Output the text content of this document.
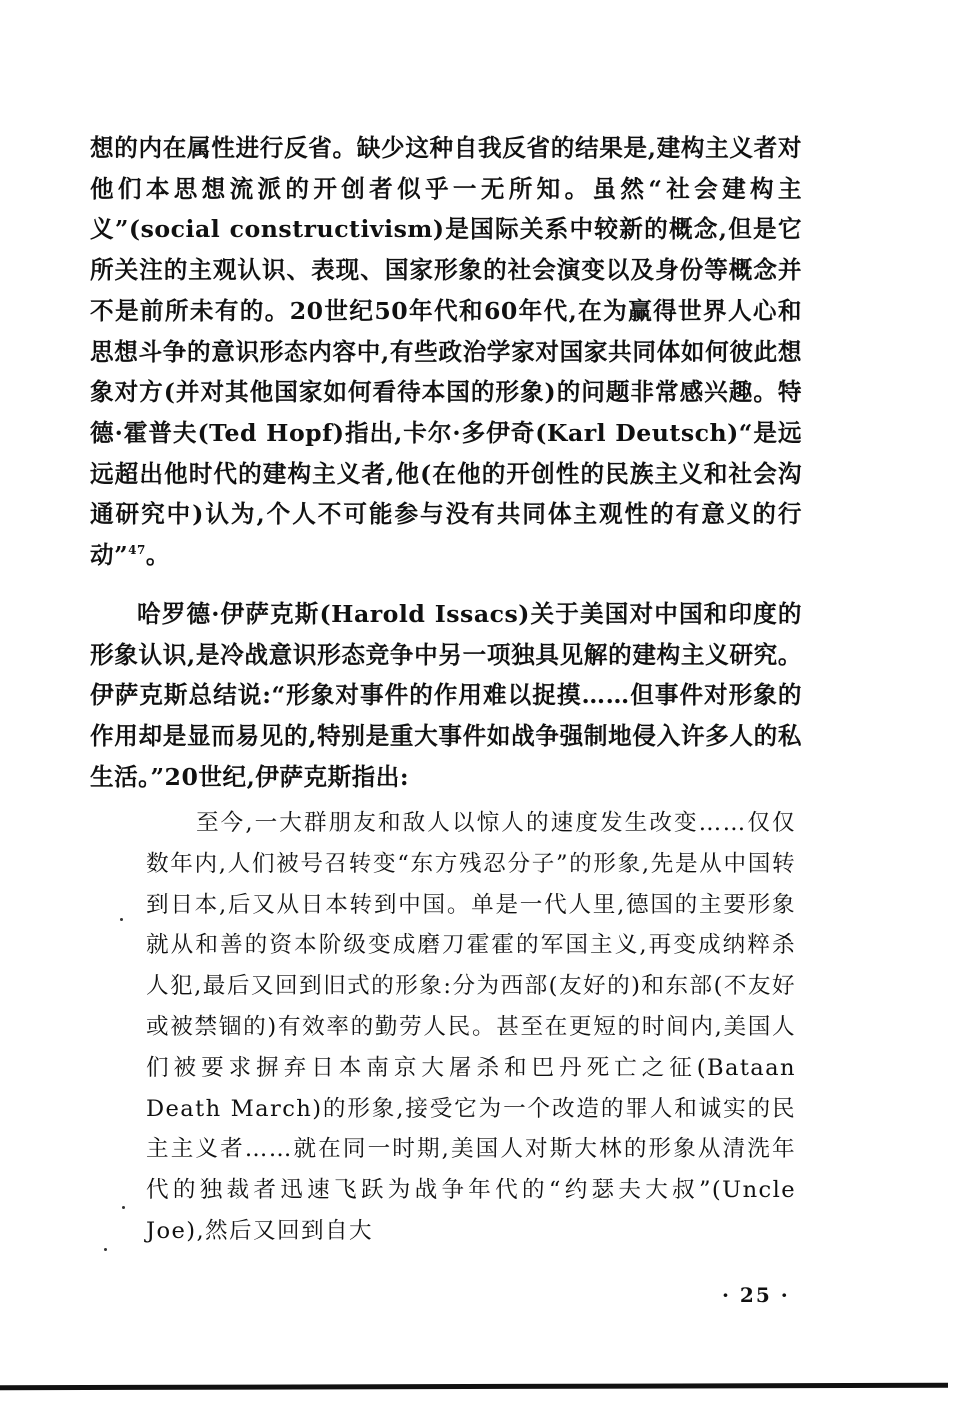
想的内在属性进行反省。缺少这种自我反省的结果是,建构主义者对他们本思想流派的开创者似乎一无所知。虽然“社会建构主义”(social constructivism)是国际关系中较新的概念,但是它所关注的主观认识、表现、国家形象的社会演变以及身份等概念并不是前所未有的。20世纪50年代和60年代,在为赢得世界人心和思想斗争的意识形态内容中,有些政治学家对国家共同体如何彼此想象对方(并对其他国家如何看待本国的形象)的问题非常感兴趣。特德·霍普夫(Ted Hopf)指出,卡尔·多伊奇(Karl Deutsch)“是远远超出他时代的建构主义者,他(在他的开创性的民族主义和社会沟通研究中)认为,个人不可能参与没有共同体主观性的有意义的行动”$^{47}$。

哈罗德·伊萨克斯(Harold Issacs)关于美国对中国和印度的形象认识,是冷战意识形态竞争中另一项独具见解的建构主义研究。伊萨克斯总结说:“形象对事件的作用难以捉摸……但事件对形象的作用却是显而易见的,特别是重大事件如战争强制地侵入许多人的私生活。”20世纪,伊萨克斯指出:

至今,一大群朋友和敌人以惊人的速度发生改变……仅仅数年内,人们被号召转变“东方残忍分子”的形象,先是从中国转到日本,后又从日本转到中国。单是一代人里,德国的主要形象就从和善的资本阶级变成磨刀霍霍的军国主义,再变成纳粹杀人犯,最后又回到旧式的形象:分为西部(友好的)和东部(不友好或被禁锢的)有效率的勤劳人民。甚至在更短的时间内,美国人们被要求摒弃日本南京大屠杀和巴丹死亡之征(Bataan Death March)的形象,接受它为一个改造的罪人和诚实的民主主义者……就在同一时期,美国人对斯大林的形象从清洗年代的独裁者迅速飞跃为战争年代的“约瑟夫大叔”(Uncle Joe),然后又回到自大

· 25 ·
